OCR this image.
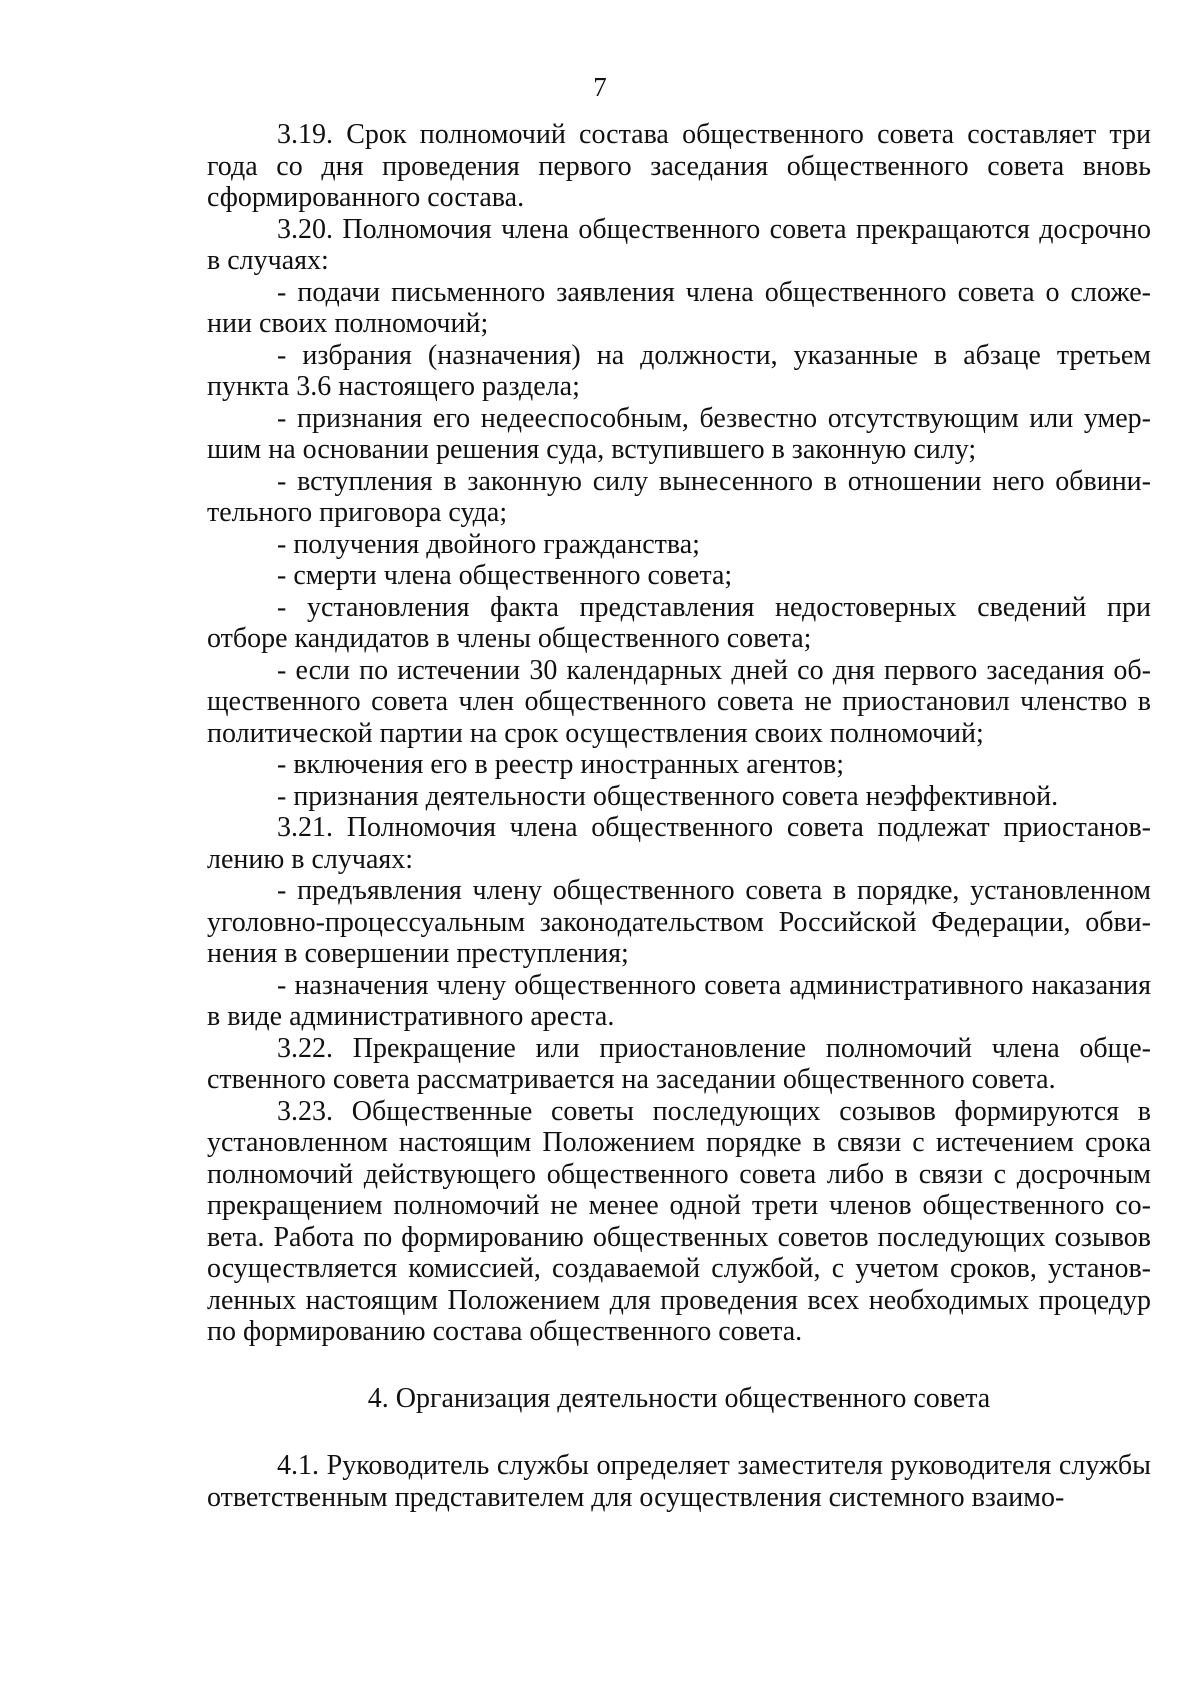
7

3.19. Срок полномочий состава общественного совета составляет три года со дня проведения первого заседания общественного совета вновь сформированного состава.

3.20. Полномочия члена общественного совета прекращаются досрочно в случаях:

- подачи письменного заявления члена общественного совета о сложении своих полномочий;

- избрания (назначения) на должности, указанные в абзаце третьем пункта 3.6 настоящего раздела;

- признания его недееспособным, безвестно отсутствующим или умершим на основании решения суда, вступившего в законную силу;

- вступления в законную силу вынесенного в отношении него обвинительного приговора суда;

- получения двойного гражданства;

- смерти члена общественного совета;

- установления факта представления недостоверных сведений при отборе кандидатов в члены общественного совета;

- если по истечении 30 календарных дней со дня первого заседания общественного совета член общественного совета не приостановил членство в политической партии на срок осуществления своих полномочий;

- включения его в реестр иностранных агентов;

- признания деятельности общественного совета неэффективной.

3.21. Полномочия члена общественного совета подлежат приостановлению в случаях:

- предъявления члену общественного совета в порядке, установленном уголовно-процессуальным законодательством Российской Федерации, обвинения в совершении преступления;

- назначения члену общественного совета административного наказания в виде административного ареста.

3.22. Прекращение или приостановление полномочий члена общественного совета рассматривается на заседании общественного совета.

3.23. Общественные советы последующих созывов формируются в установленном настоящим Положением порядке в связи с истечением срока полномочий действующего общественного совета либо в связи с досрочным прекращением полномочий не менее одной трети членов общественного совета. Работа по формированию общественных советов последующих созывов осуществляется комиссией, создаваемой службой, с учетом сроков, установленных настоящим Положением для проведения всех необходимых процедур по формированию состава общественного совета.

4. Организация деятельности общественного совета

4.1. Руководитель службы определяет заместителя руководителя службы ответственным представителем для осуществления системного взаимо-
